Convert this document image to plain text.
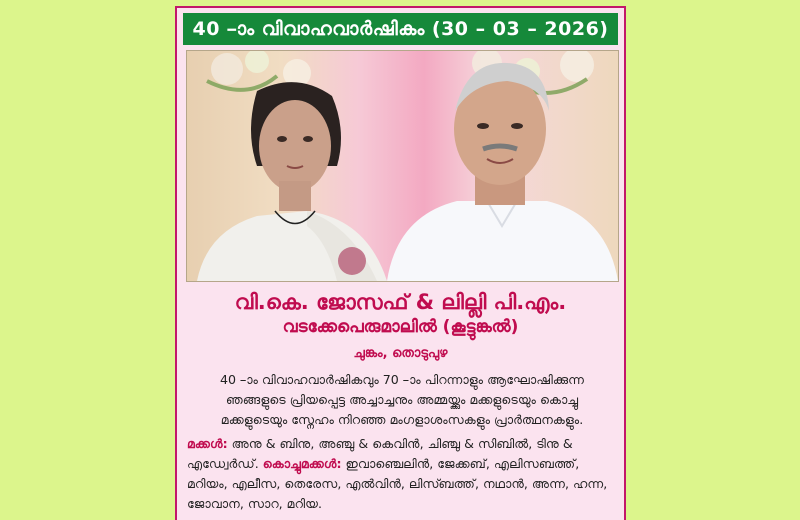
40 –ാം വിവാഹവാർഷികം (30 – 03 – 2026)
വി.കെ. ജോസഫ് & ലില്ലി പി.എം.
വടക്കേപെരുമാലിൽ (കൂട്ടുങ്കൽ)
ചുങ്കം, തൊടുപുഴ
40 –ാം വിവാഹവാർഷികവും 70 –ാം പിറന്നാളും ആഘോഷിക്കുന്ന
ഞങ്ങളുടെ പ്രിയപ്പെട്ട അച്ചാച്ചനും അമ്മയ്ക്കും മക്കളുടെയും കൊച്ചു
മക്കളുടെയും സ്നേഹം നിറഞ്ഞ മംഗളാശംസകളും പ്രാർത്ഥനകളും.
മക്കൾ: അനു & ബിനു, അഞ്ചു & കെവിൻ, ചിഞ്ചു & സിബിൽ, ടിനു & എഡ്വേർഡ്. കൊച്ചുമക്കൾ: ഇവാഞ്ചെലിൻ, ജേക്കബ്, എലിസബത്ത്, മറിയം, എലീസ, തെരേസ, എൽവിൻ, ലിസ്ബത്ത്, നഥാൻ, അന്ന, ഹന്ന, ജോവാന, സാറ, മറിയ.
